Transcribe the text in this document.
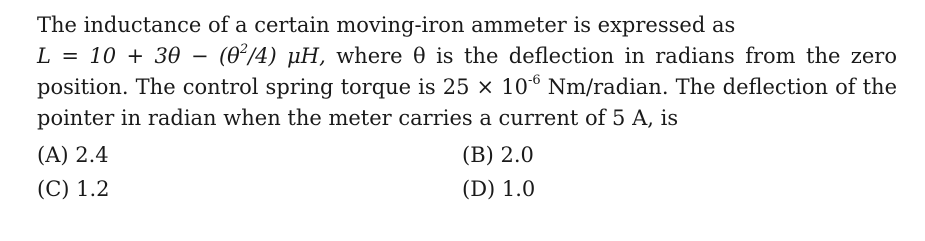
The inductance of a certain moving-iron ammeter is expressed as
$L = 10 + 3\theta - (\theta^2/4)$ μH, where θ is the deflection in radians from the zero
position. The control spring torque is $25 \times 10^{-6}$ Nm/radian. The deflection of the
pointer in radian when the meter carries a current of 5 A, is
(A) 2.4	(B) 2.0
(C) 1.2	(D) 1.0
